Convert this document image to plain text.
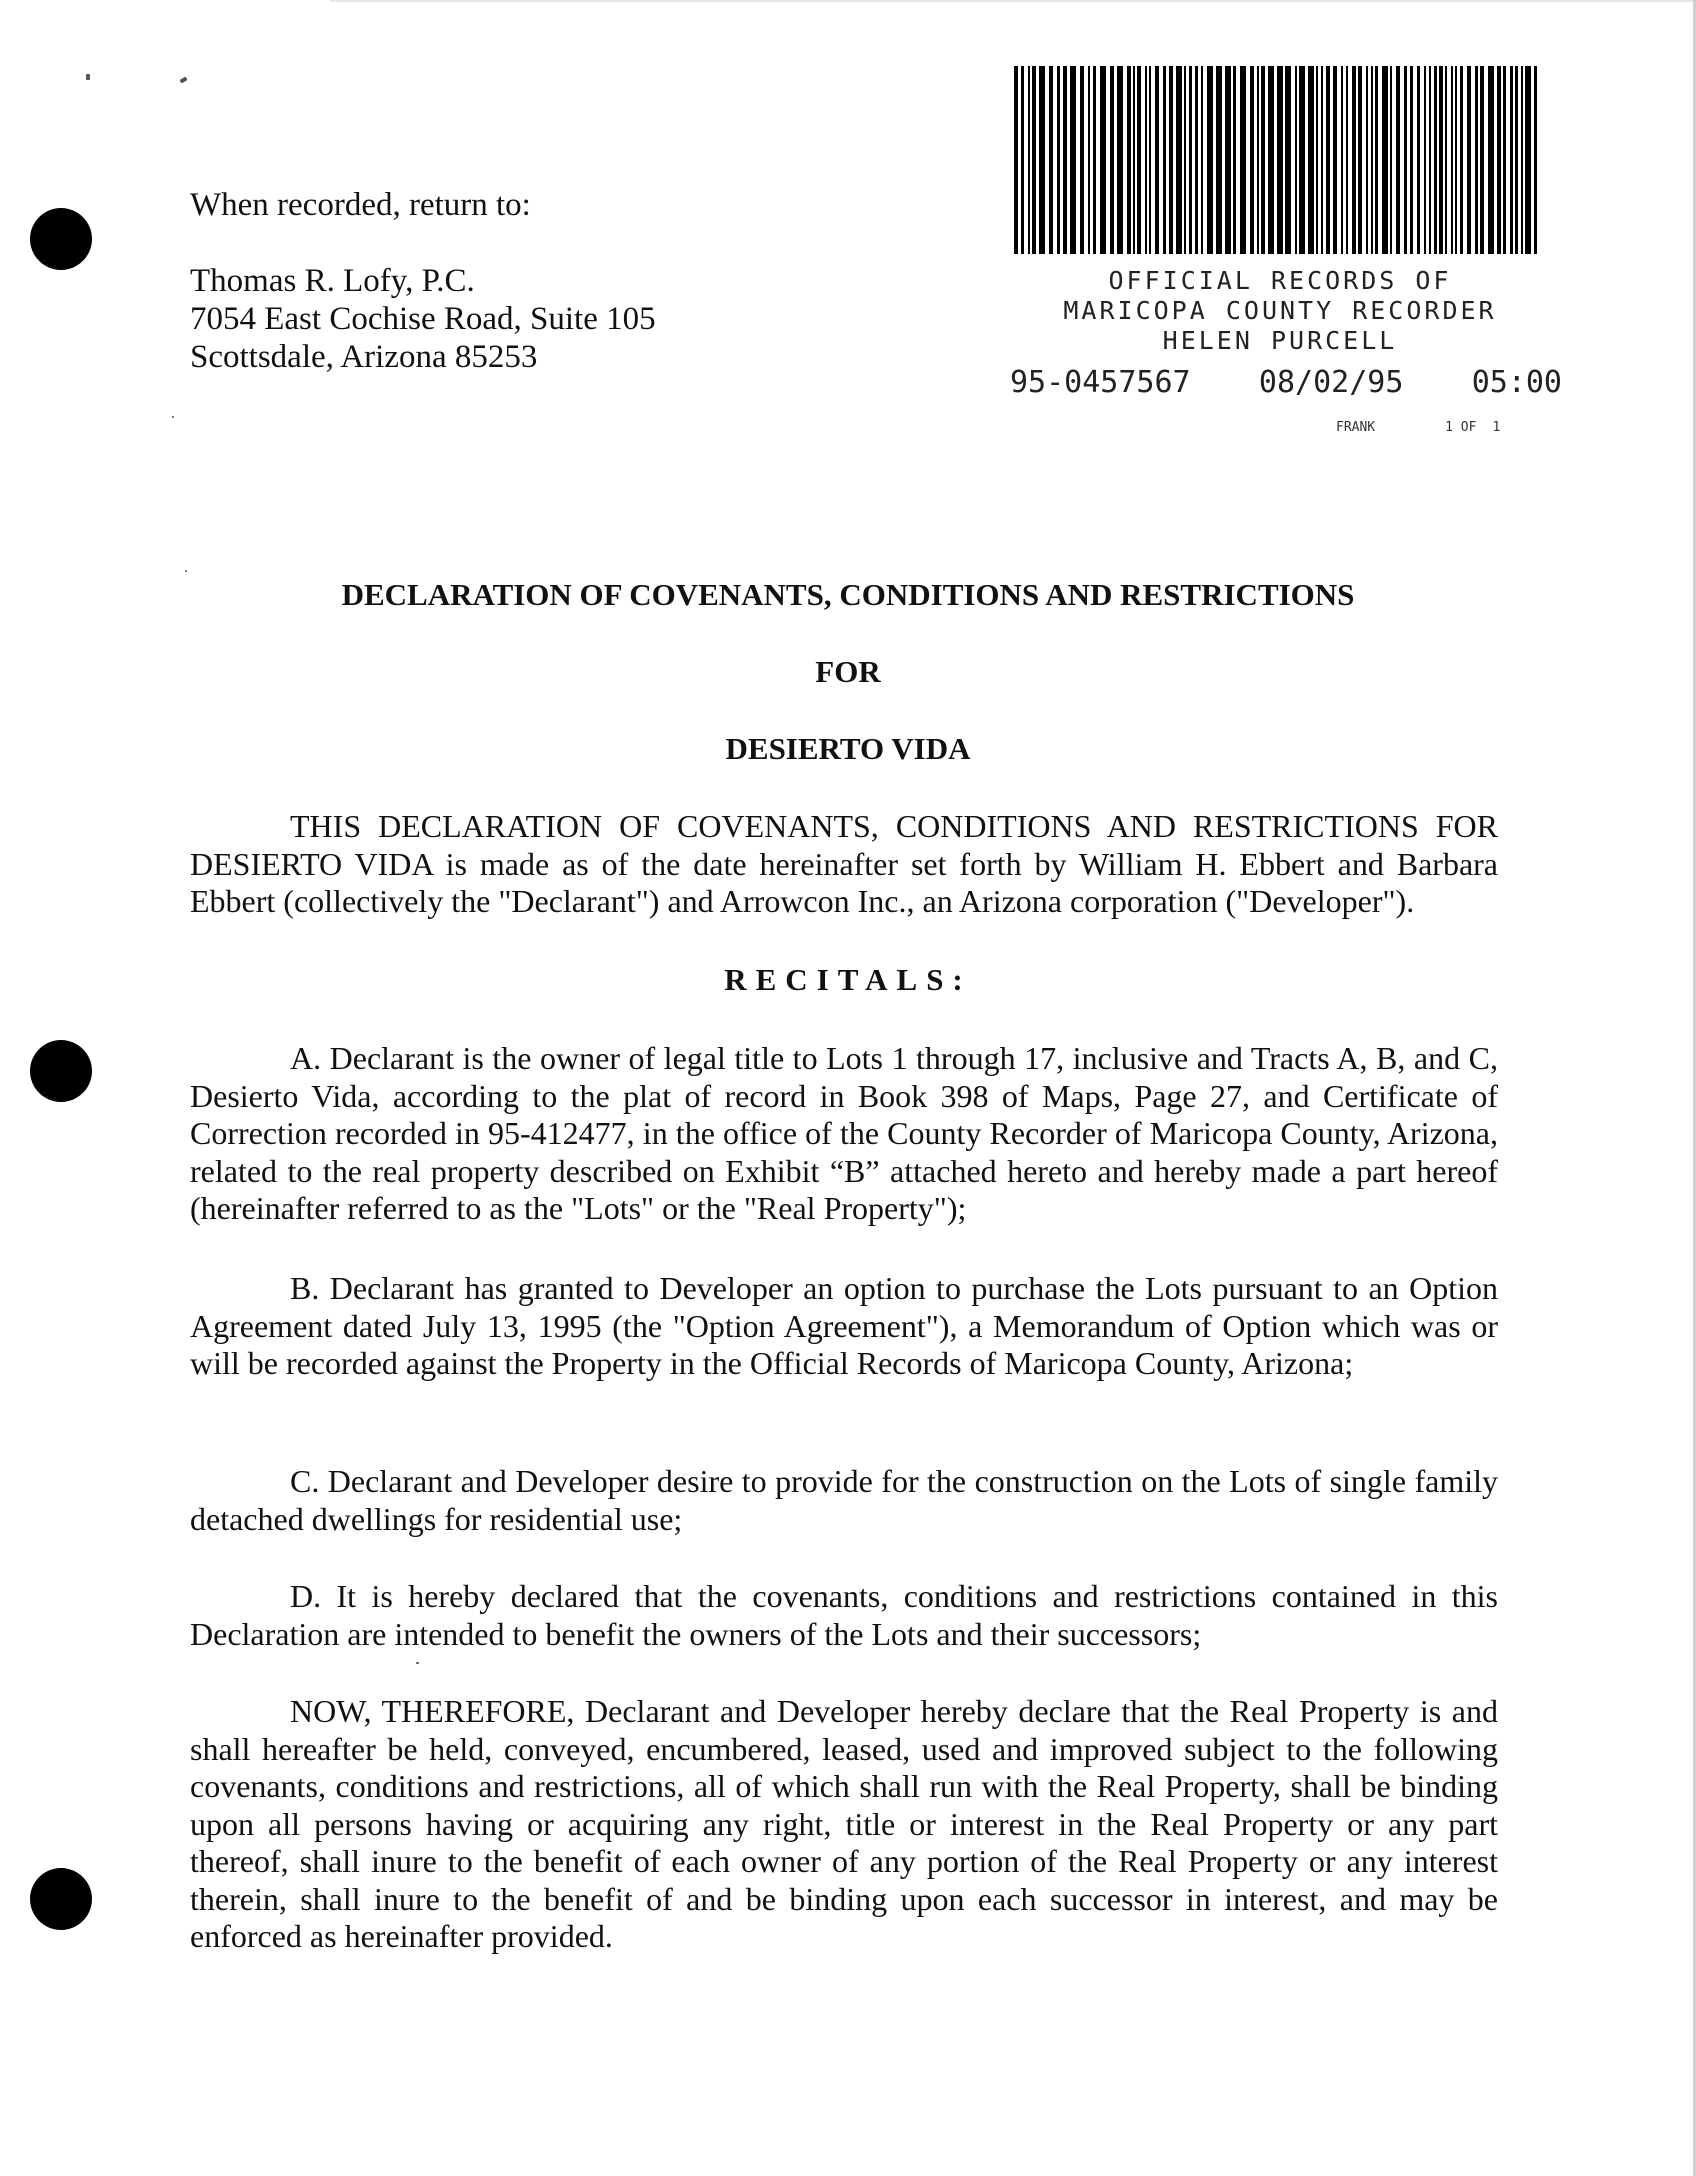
When recorded, return to:
Thomas R. Lofy, P.C.
7054 East Cochise Road, Suite 105
Scottsdale, Arizona 85253
OFFICIAL RECORDS OF
MARICOPA COUNTY RECORDER
HELEN PURCELL
95-0457567 08/02/95 05:00
FRANK	1 OF 1
DECLARATION OF COVENANTS, CONDITIONS AND RESTRICTIONS
FOR
DESIERTO VIDA
THIS DECLARATION OF COVENANTS, CONDITIONS AND RESTRICTIONS FOR DESIERTO VIDA is made as of the date hereinafter set forth by William H. Ebbert and Barbara Ebbert (collectively the "Declarant") and Arrowcon Inc., an Arizona corporation ("Developer").
RECITALS:
A. Declarant is the owner of legal title to Lots 1 through 17, inclusive and Tracts A, B, and C, Desierto Vida, according to the plat of record in Book 398 of Maps, Page 27, and Certificate of Correction recorded in 95-412477, in the office of the County Recorder of Maricopa County, Arizona, related to the real property described on Exhibit “B” attached hereto and hereby made a part hereof (hereinafter referred to as the "Lots" or the "Real Property");
B. Declarant has granted to Developer an option to purchase the Lots pursuant to an Option Agreement dated July 13, 1995 (the "Option Agreement"), a Memorandum of Option which was or will be recorded against the Property in the Official Records of Maricopa County, Arizona;
C. Declarant and Developer desire to provide for the construction on the Lots of single family detached dwellings for residential use;
D. It is hereby declared that the covenants, conditions and restrictions contained in this Declaration are intended to benefit the owners of the Lots and their successors;
NOW, THEREFORE, Declarant and Developer hereby declare that the Real Property is and shall hereafter be held, conveyed, encumbered, leased, used and improved subject to the following covenants, conditions and restrictions, all of which shall run with the Real Property, shall be binding upon all persons having or acquiring any right, title or interest in the Real Property or any part thereof, shall inure to the benefit of each owner of any portion of the Real Property or any interest therein, shall inure to the benefit of and be binding upon each successor in interest, and may be enforced as hereinafter provided.
